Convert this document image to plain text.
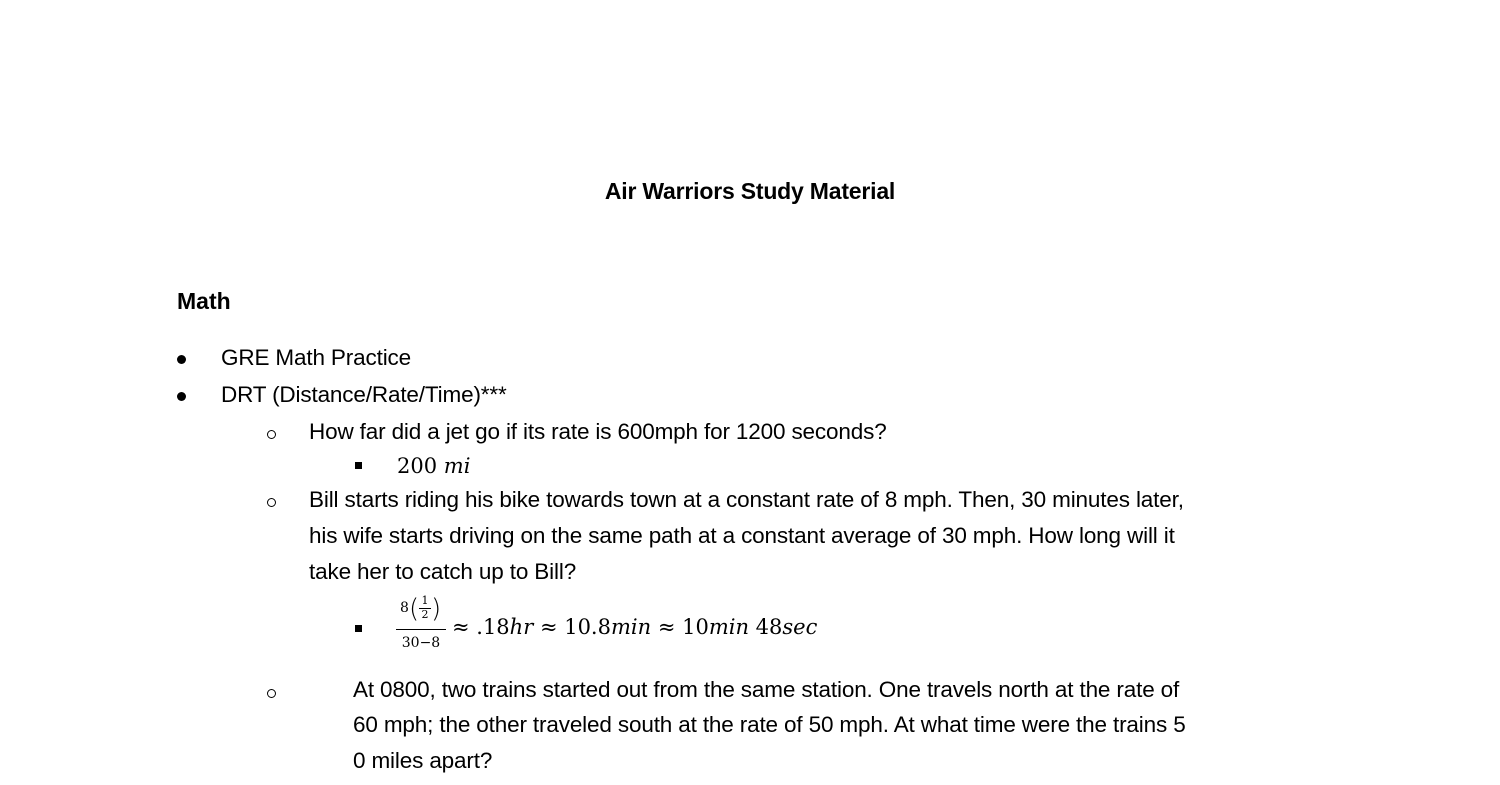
Air Warriors Study Material
Math
GRE Math Practice
DRT (Distance/Rate/Time)***
How far did a jet go if its rate is 600mph for 1200 seconds?
200 mi
Bill starts riding his bike towards town at a constant rate of 8 mph. Then, 30 minutes later,
his wife starts driving on the same path at a constant average of 30 mph. How long will it
take her to catch up to Bill?
8 ( 1
2 )
30−8
≈ .18hr ≈ 10.8min ≈ 10min 48sec
At 0800, two trains started out from the same station. One travels north at the rate of
60 mph; the other traveled south at the rate of 50 mph. At what time were the trains 5
0 miles apart?
